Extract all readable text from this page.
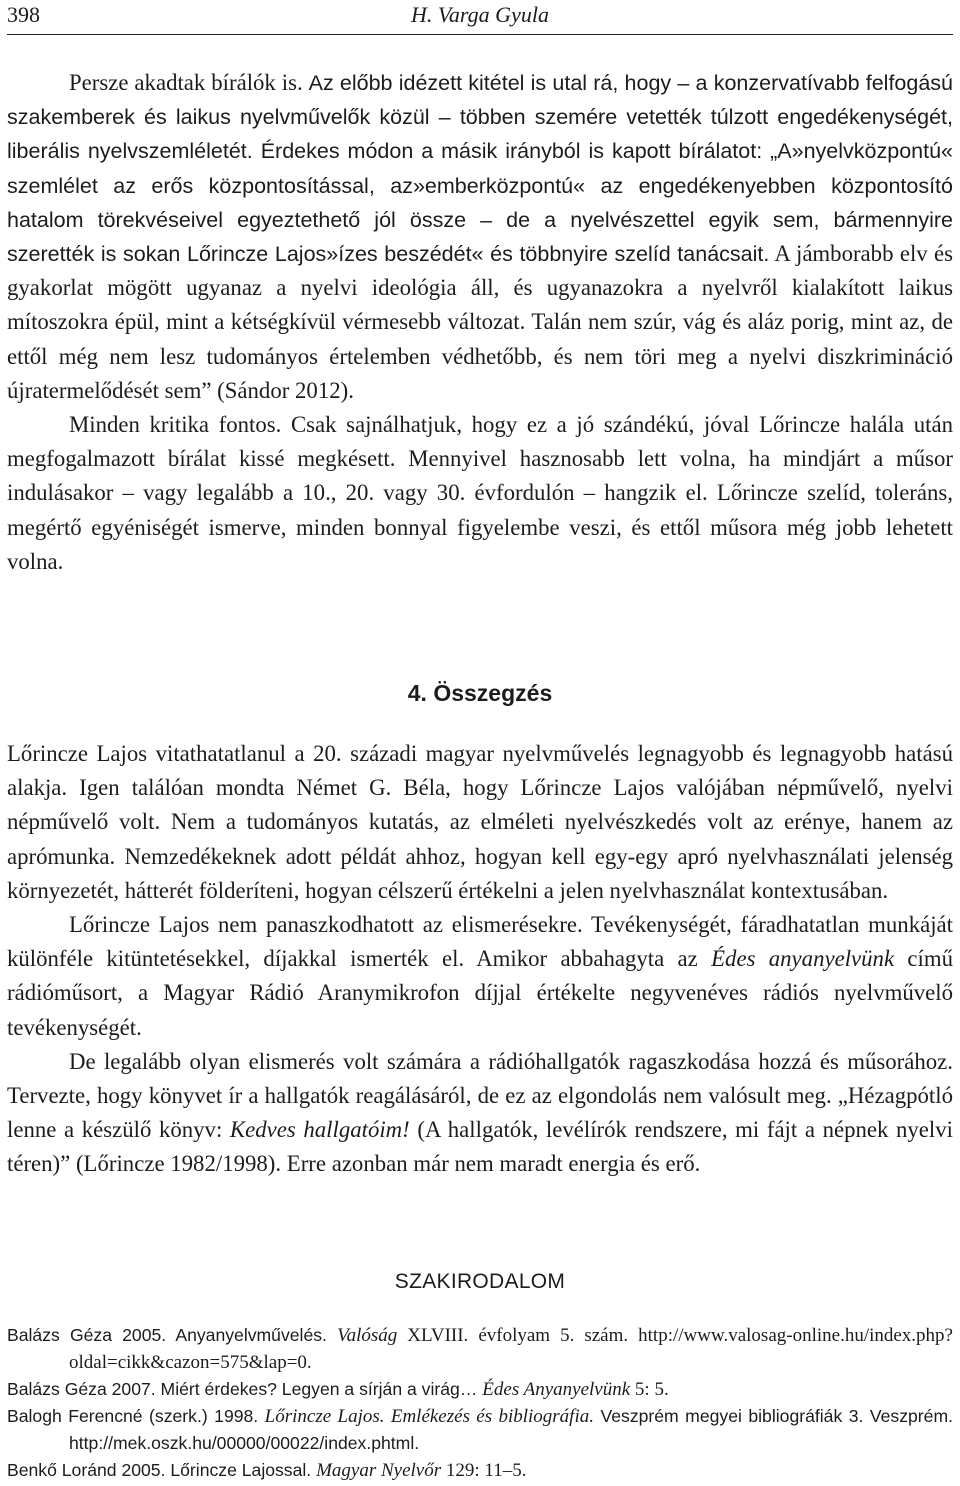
398	H. Varga Gyula

Persze akadtak bírálók is. Az előbb idézett kitétel is utal rá, hogy – a konzervatívabb felfogású szakemberek és laikus nyelvművelők közül – többen szemére vetették túlzott engedékenységét, liberális nyelvszemléletét. Érdekes módon a másik irányból is kapott bírálatot: „A»nyelvközpontú« szemlélet az erős központosítással, az»emberközpontú« az engedékenyebben központosító hatalom törekvéseivel egyeztethető jól össze – de a nyelvészettel egyik sem, bármennyire szerették is sokan Lőrincze Lajos»ízes beszédét« és többnyire szelíd tanácsait. A jámborabb elv és gyakorlat mögött ugyanaz a nyelvi ideológia áll, és ugyanazokra a nyelvről kialakított laikus mítoszokra épül, mint a kétségkívül vérmesebb változat. Talán nem szúr, vág és aláz porig, mint az, de ettől még nem lesz tudományos értelemben védhetőbb, és nem töri meg a nyelvi diszkrimináció újratermelődését sem” (Sándor 2012).

Minden kritika fontos. Csak sajnálhatjuk, hogy ez a jó szándékú, jóval Lőrincze halála után megfogalmazott bírálat kissé megkésett. Mennyivel hasznosabb lett volna, ha mindjárt a műsor indulásakor – vagy legalább a 10., 20. vagy 30. évfordulón – hangzik el. Lőrincze szelíd, toleráns, megértő egyéniségét ismerve, minden bonnyal figyelembe veszi, és ettől műsora még jobb lehetett volna.

4. Összegzés

Lőrincze Lajos vitathatatlanul a 20. századi magyar nyelvművelés legnagyobb és legnagyobb hatású alakja. Igen találóan mondta Német G. Béla, hogy Lőrincze Lajos valójában népművelő, nyelvi népművelő volt. Nem a tudományos kutatás, az elméleti nyelvészkedés volt az erénye, hanem az aprómunka. Nemzedékeknek adott példát ahhoz, hogyan kell egy-egy apró nyelvhasználati jelenség környezetét, hátterét földeríteni, hogyan célszerű értékelni a jelen nyelvhasználat kontextusában.

Lőrincze Lajos nem panaszkodhatott az elismerésekre. Tevékenységét, fáradhatatlan munkáját különféle kitüntetésekkel, díjakkal ismerték el. Amikor abbahagyta az Édes anyanyelvünk című rádióműsort, a Magyar Rádió Aranymikrofon díjjal értékelte negyvenéves rádiós nyelvművelő tevékenységét.

De legalább olyan elismerés volt számára a rádióhallgatók ragaszkodása hozzá és műsorához. Tervezte, hogy könyvet ír a hallgatók reagálásáról, de ez az elgondolás nem valósult meg. „Hézagpótló lenne a készülő könyv: Kedves hallgatóim! (A hallgatók, levélírók rendszere, mi fájt a népnek nyelvi téren)” (Lőrincze 1982/1998). Erre azonban már nem maradt energia és erő.

SZAKIRODALOM

Balázs Géza 2005. Anyanyelvművelés. Valóság XLVIII. évfolyam 5. szám. http://www.valosag-online.hu/index.php?oldal=cikk&cazon=575&lap=0.

Balázs Géza 2007. Miért érdekes? Legyen a sírján a virág… Édes Anyanyelvünk 5: 5.

Balogh Ferencné (szerk.) 1998. Lőrincze Lajos. Emlékezés és bibliográfia. Veszprém megyei bibliográfiák 3. Veszprém. http://mek.oszk.hu/00000/00022/index.phtml.

Benkő Loránd 2005. Lőrincze Lajossal. Magyar Nyelvőr 129: 11–5.
